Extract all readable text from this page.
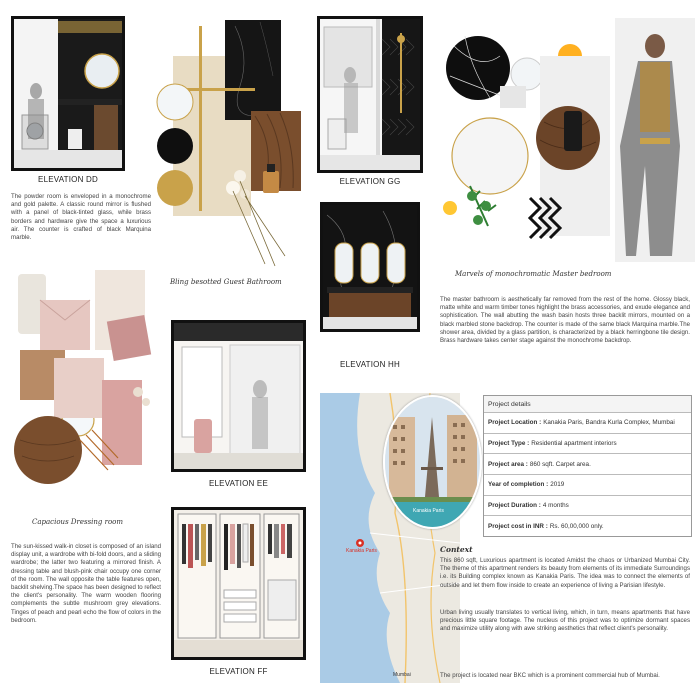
ELEVATION DD
The powder room is enveloped in a monochrome and gold palette. A classic round mirror is flushed with a panel of black-tinted glass, while brass borders and hardware give the space a luxurious air. The counter is crafted of black Marquina marble.
Bling besotted Guest Bathroom
ELEVATION GG
Marvels of monochromatic Master bedroom
ELEVATION HH
The master bathroom is aesthetically far removed from the rest of the home. Glossy black, matte white and warm timber tones highlight the brass accessories, and exude elegance and sophistication. The wall abutting the wash basin hosts three backlit mirrors, mounted on a black marbled stone backdrop. The counter is made of the same black Marquina marble.The shower area, divided by a glass partition, is characterized by a black herringbone tile design. Brass hardware takes center stage against the monochrome backdrop.
Capacious Dressing room
ELEVATION EE
ELEVATION FF
The sun-kissed walk-in closet is composed of an island display unit, a wardrobe with bi-fold doors, and a sliding wardrobe; the latter two featuring a mirrored finish. A dressing table and blush-pink chair occupy one corner of the room. The wall opposite the table features open, backlit shelving.The space has been designed to reflect the client's personality. The warm wooden flooring complements the subtle mushroom grey elevations. Tinges of peach and pearl echo the flow of colors in the bedroom.
Kanakia Paris
Mumbai
Kanakia Paris
Project details
Project Location : Kanakia Paris, Bandra Kurla Complex, Mumbai
Project Type : Residential apartment interiors
Project area : 860 sqft. Carpet area.
Year of completion : 2019
Project Duration : 4 months
Project cost in INR : Rs. 60,00,000 only.
Context
This 860 sqft, Luxurious apartment is located Amidst the chaos or Urbanized Mumbai City. The theme of this apartment renders its beauty from elements of its immediate Surroundings i.e. its Building complex known as Kanakia Paris. The idea was to connect the elements of outside and let them flow inside to create an experience of living a Parisian lifestyle.
Urban living usually translates to vertical living, which, in turn, means apartments that have precious little square footage. The nucleus of this project was to optimize dormant spaces and maximize utility along with awe striking aesthetics that reflect client's personality.
The project is located near BKC which is a prominent commercial hub of Mumbai.
